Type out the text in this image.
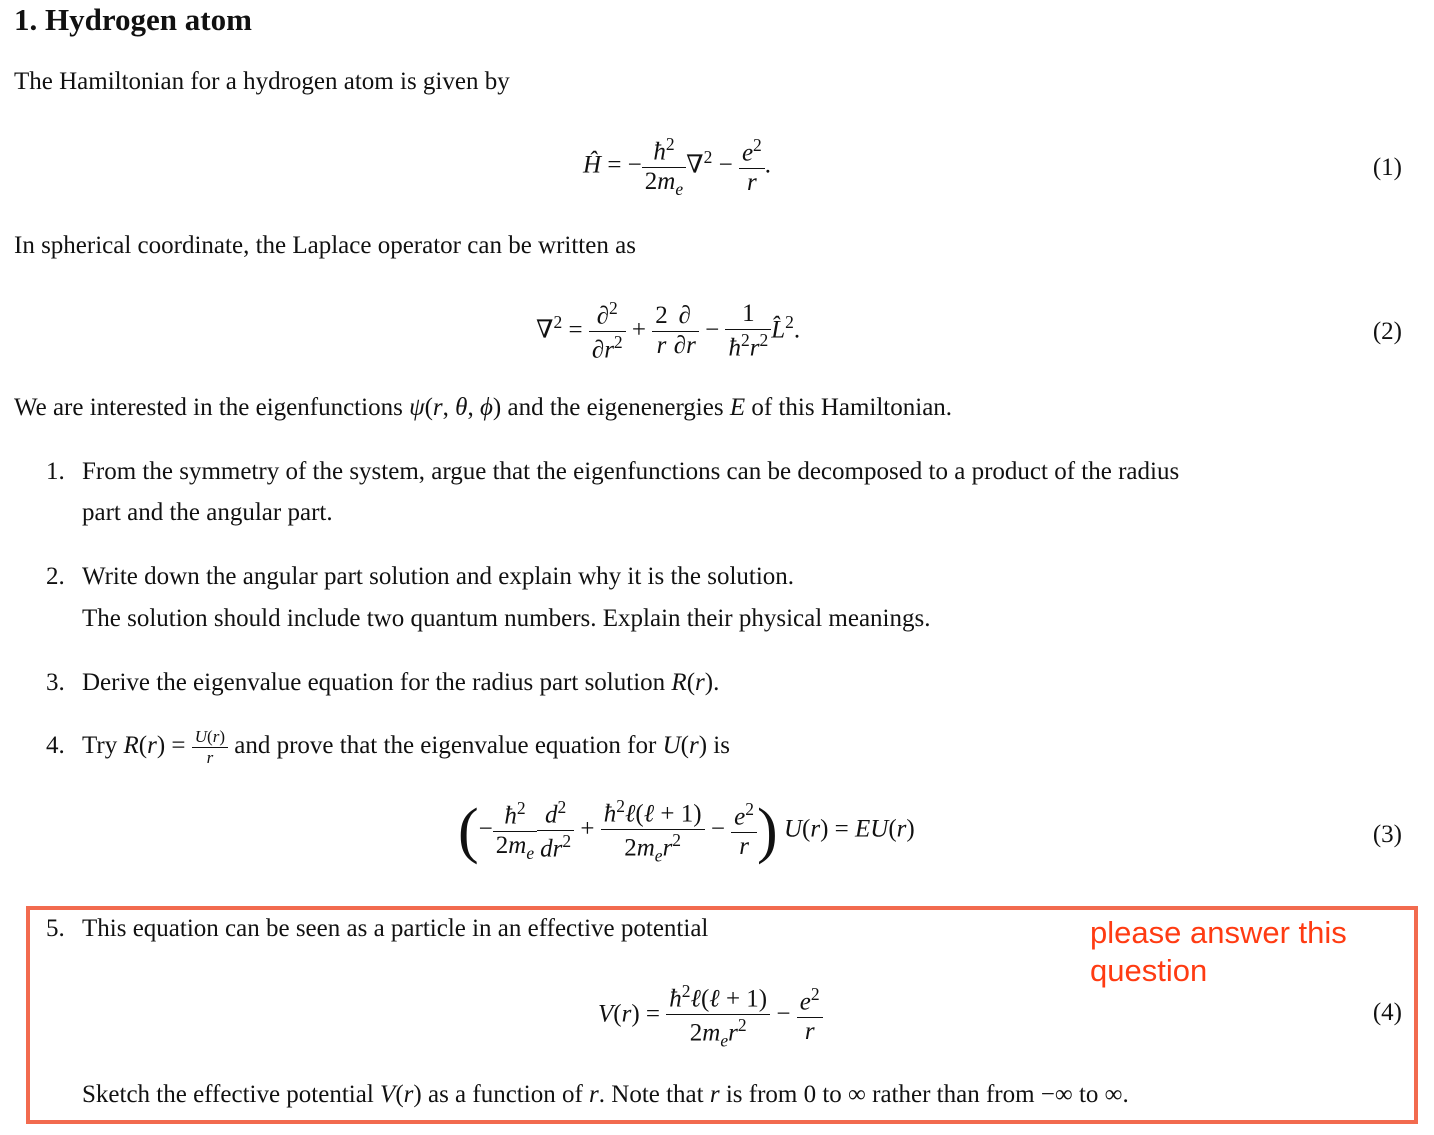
1. Hydrogen atom
The Hamiltonian for a hydrogen atom is given by
Ĥ = − $\frac{ħ^2}{2m_e} \nabla^2 - \frac{e^2}{r}$ .	(1)
In spherical coordinate, the Laplace operator can be written as
$\nabla^2 = \frac{\partial^2}{\partial r^2} + \frac{2}{r} \frac{\partial}{\partial r} - \frac{1}{ħ^2r^2}$ L̂$^2$.	(2)
We are interested in the eigenfunctions ψ(r, θ, ϕ) and the eigenenergies E of this Hamiltonian.
1. From the symmetry of the system, argue that the eigenfunctions can be decomposed to a product of the radius
part and the angular part.
2. Write down the angular part solution and explain why it is the solution.
The solution should include two quantum numbers. Explain their physical meanings.
3. Derive the eigenvalue equation for the radius part solution R(r).
4. Try $R(r) = \frac{U(r)}{r}$ and prove that the eigenvalue equation for U(r) is
(− $\frac{ħ^2}{2m_e} \frac{d^2}{dr^2} + \frac{ħ^2\ell(\ell + 1)}{2m_er^2} - \frac{e^2}{r}$ ) U(r) = EU(r)	(3)
5. This equation can be seen as a particle in an effective potential	please answer this
question
$V(r) = \frac{ħ^2\ell(\ell + 1)}{2m_er^2} - \frac{e^2}{r}$	(4)
Sketch the effective potential V(r) as a function of r. Note that r is from 0 to ∞ rather than from −∞ to ∞.
